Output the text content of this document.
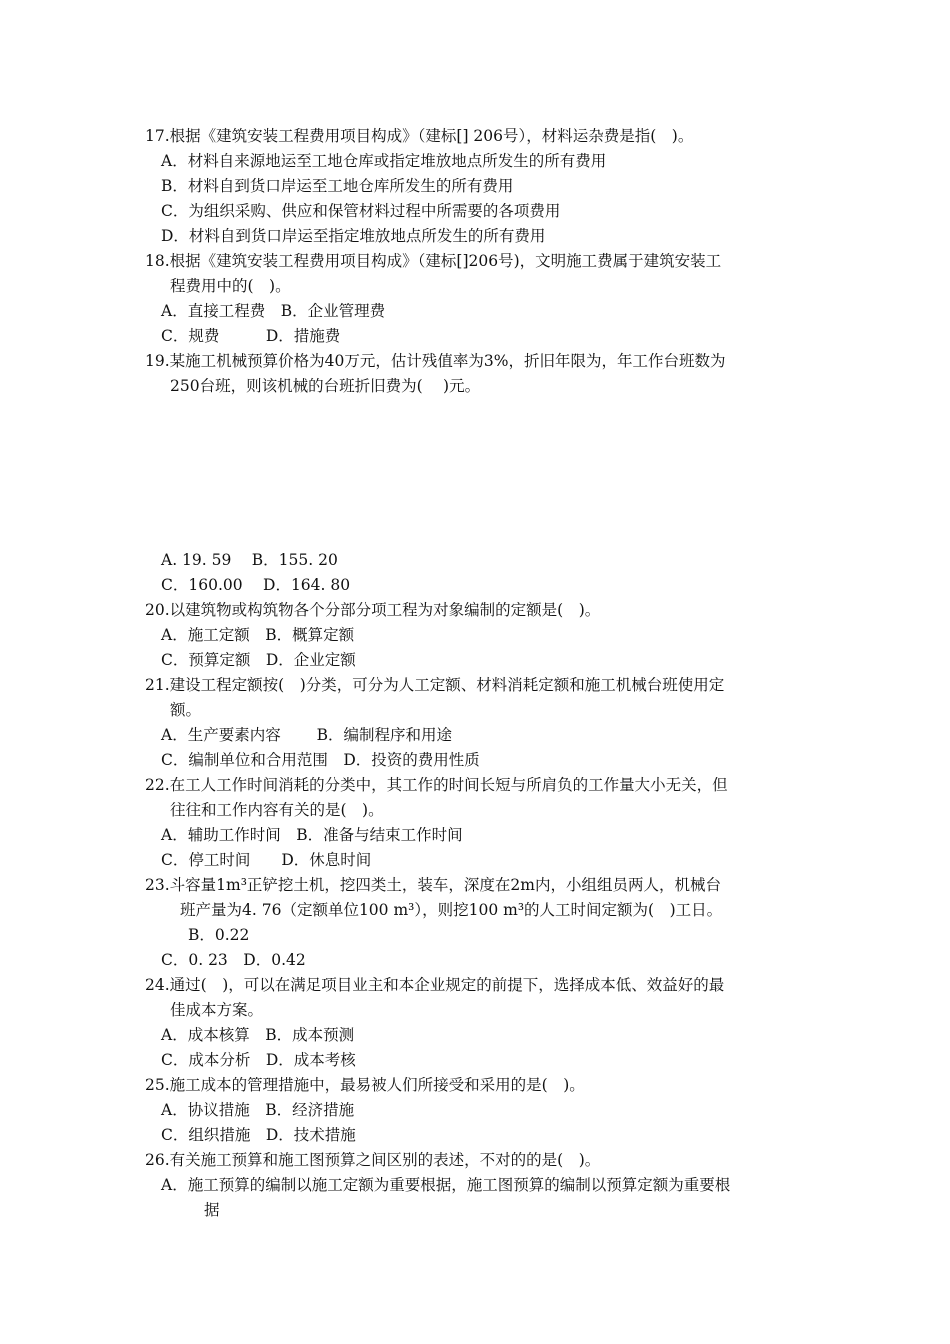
17.根据《建筑安装工程费用项目构成》（建标[] 206号），材料运杂费是指(　)。
A．材料自来源地运至工地仓库或指定堆放地点所发生的所有费用
B．材料自到货口岸运至工地仓库所发生的所有费用
C．为组织采购、供应和保管材料过程中所需要的各项费用
D．材料自到货口岸运至指定堆放地点所发生的所有费用
18.根据《建筑安装工程费用项目构成》（建标[]206号)，文明施工费属于建筑安装工
程费用中的(　)。
A．直接工程费　B．企业管理费
C．规费　　　D．措施费
19.某施工机械预算价格为40万元，估计残值率为3%，折旧年限为，年工作台班数为
250台班，则该机械的台班折旧费为(　 )元。
A. 19. 59　 B．155. 20
C．160.00　 D．164. 80
20.以建筑物或构筑物各个分部分项工程为对象编制的定额是(　)。
A．施工定额　B．概算定额
C．预算定额　D．企业定额
21.建设工程定额按(　)分类，可分为人工定额、材料消耗定额和施工机械台班使用定
额。
A．生产要素内容　　 B．编制程序和用途
C．编制单位和合用范围　D．投资的费用性质
22.在工人工作时间消耗的分类中，其工作的时间长短与所肩负的工作量大小无关，但
往往和工作内容有关的是(　)。
A．辅助工作时间　B．准备与结束工作时间
C．停工时间　　D．休息时间
23.斗容量1m³正铲挖土机，挖四类土，装车，深度在2m内，小组组员两人，机械台
班产量为4. 76（定额单位100 m³），则挖100 m³的人工时间定额为(　)工日。
B．0.22
C．0. 23　D．0.42
24.通过(　)，可以在满足项目业主和本企业规定的前提下，选择成本低、效益好的最
佳成本方案。
A．成本核算　B．成本预测
C．成本分析　D．成本考核
25.施工成本的管理措施中，最易被人们所接受和采用的是(　)。
A．协议措施　B．经济措施
C．组织措施　D．技术措施
26.有关施工预算和施工图预算之间区别的表述，不对的的是(　)。
A．施工预算的编制以施工定额为重要根据，施工图预算的编制以预算定额为重要根
据
